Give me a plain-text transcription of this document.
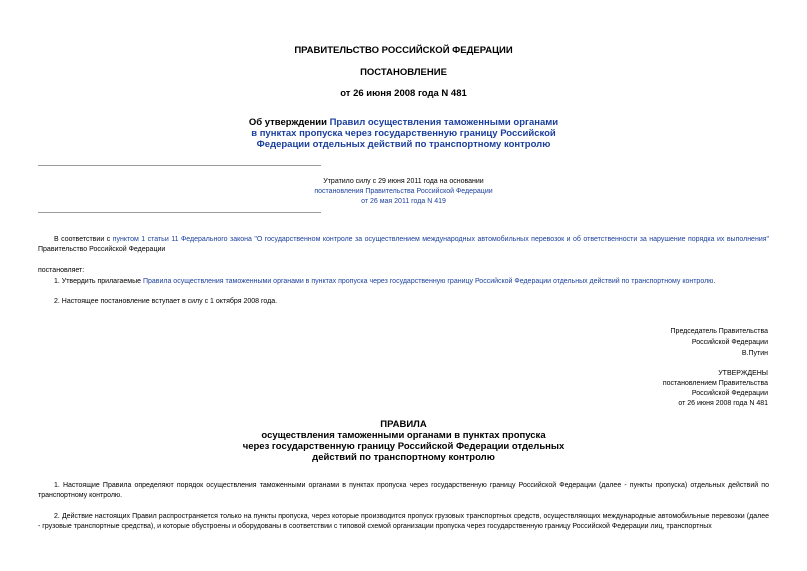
ПРАВИТЕЛЬСТВО РОССИЙСКОЙ ФЕДЕРАЦИИ
ПОСТАНОВЛЕНИЕ
от 26 июня 2008 года N 481
Об утверждении Правил осуществления таможенными органами
в пунктах пропуска через государственную границу Российской
Федерации отдельных действий по транспортному контролю
Утратило силу с 29 июня 2011 года на основании
постановления Правительства Российской Федерации
от 26 мая 2011 года N 419
В соответствии с пунктом 1 статьи 11 Федерального закона "О государственном контроле за осуществлением международных автомобильных перевозок и об ответственности за нарушение порядка их выполнения" Правительство Российской Федерации
постановляет:
1. Утвердить прилагаемые Правила осуществления таможенными органами в пунктах пропуска через государственную границу Российской Федерации отдельных действий по транспортному контролю.
2. Настоящее постановление вступает в силу с 1 октября 2008 года.
Председатель Правительства
Российской Федерации
В.Путин
УТВЕРЖДЕНЫ
постановлением Правительства
Российской Федерации
от 26 июня 2008 года N 481
ПРАВИЛА
осуществления таможенными органами в пунктах пропуска
через государственную границу Российской Федерации отдельных
действий по транспортному контролю
1. Настоящие Правила определяют порядок осуществления таможенными органами в пунктах пропуска через государственную границу Российской Федерации (далее - пункты пропуска) отдельных действий по транспортному контролю.
2. Действие настоящих Правил распространяется только на пункты пропуска, через которые производится пропуск грузовых транспортных средств, осуществляющих международные автомобильные перевозки (далее - грузовые транспортные средства), и которые обустроены и оборудованы в соответствии с типовой схемой организации пропуска через государственную границу Российской Федерации лиц, транспортных
